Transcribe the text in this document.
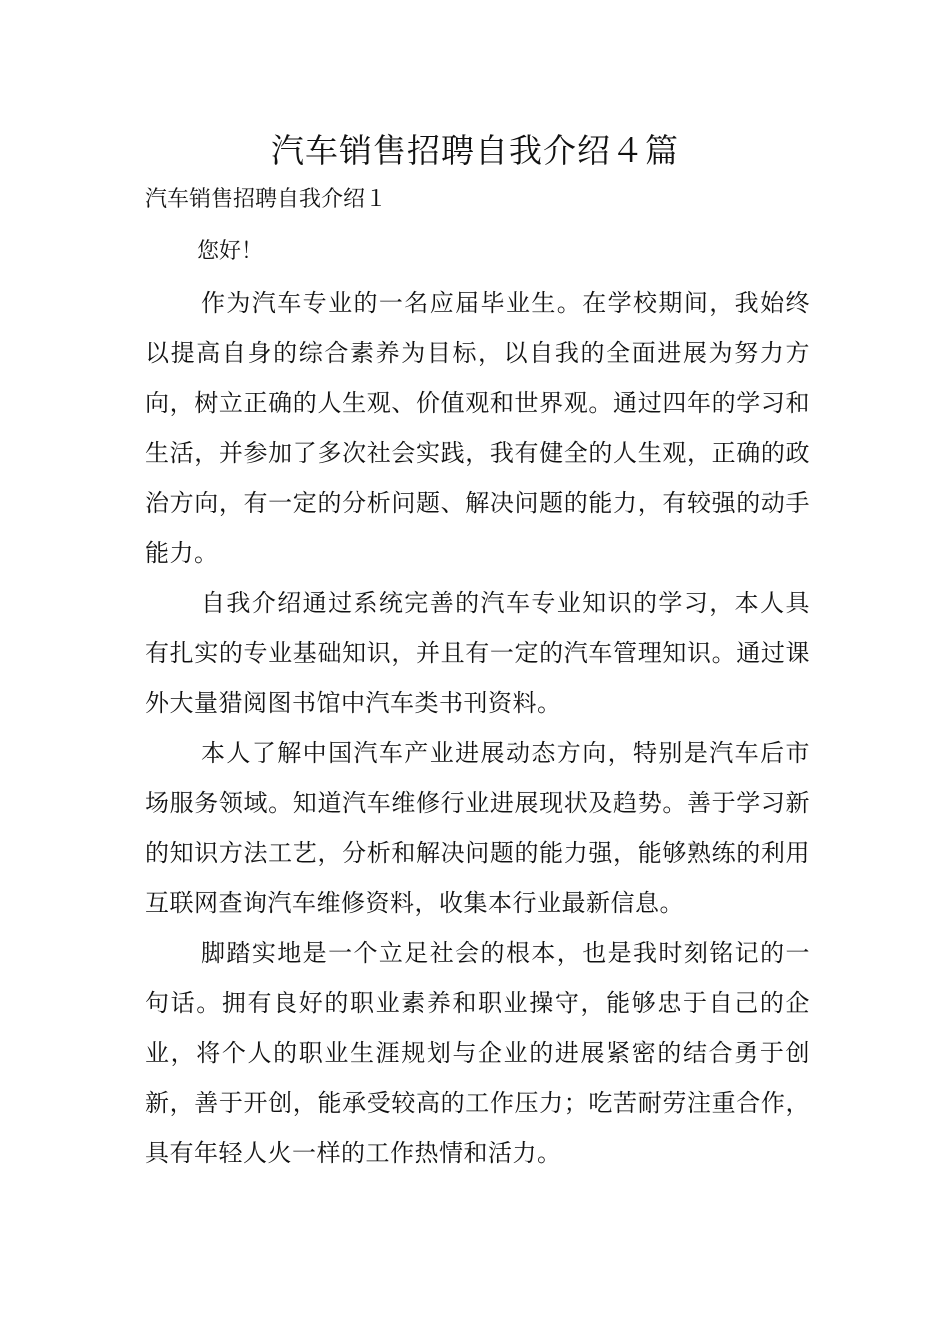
汽车销售招聘自我介绍４篇

汽车销售招聘自我介绍１

您好！

作为汽车专业的一名应届毕业生。在学校期间，我始终以提高自身的综合素养为目标，以自我的全面进展为努力方向，树立正确的人生观、价值观和世界观。通过四年的学习和生活，并参加了多次社会实践，我有健全的人生观，正确的政治方向，有一定的分析问题、解决问题的能力，有较强的动手能力。

自我介绍通过系统完善的汽车专业知识的学习，本人具有扎实的专业基础知识，并且有一定的汽车管理知识。通过课外大量猎阅图书馆中汽车类书刊资料。

本人了解中国汽车产业进展动态方向，特别是汽车后市场服务领域。知道汽车维修行业进展现状及趋势。善于学习新的知识方法工艺，分析和解决问题的能力强，能够熟练的利用互联网查询汽车维修资料，收集本行业最新信息。

脚踏实地是一个立足社会的根本，也是我时刻铭记的一句话。拥有良好的职业素养和职业操守，能够忠于自己的企业，将个人的职业生涯规划与企业的进展紧密的结合勇于创新，善于开创，能承受较高的工作压力；吃苦耐劳注重合作，具有年轻人火一样的工作热情和活力。
